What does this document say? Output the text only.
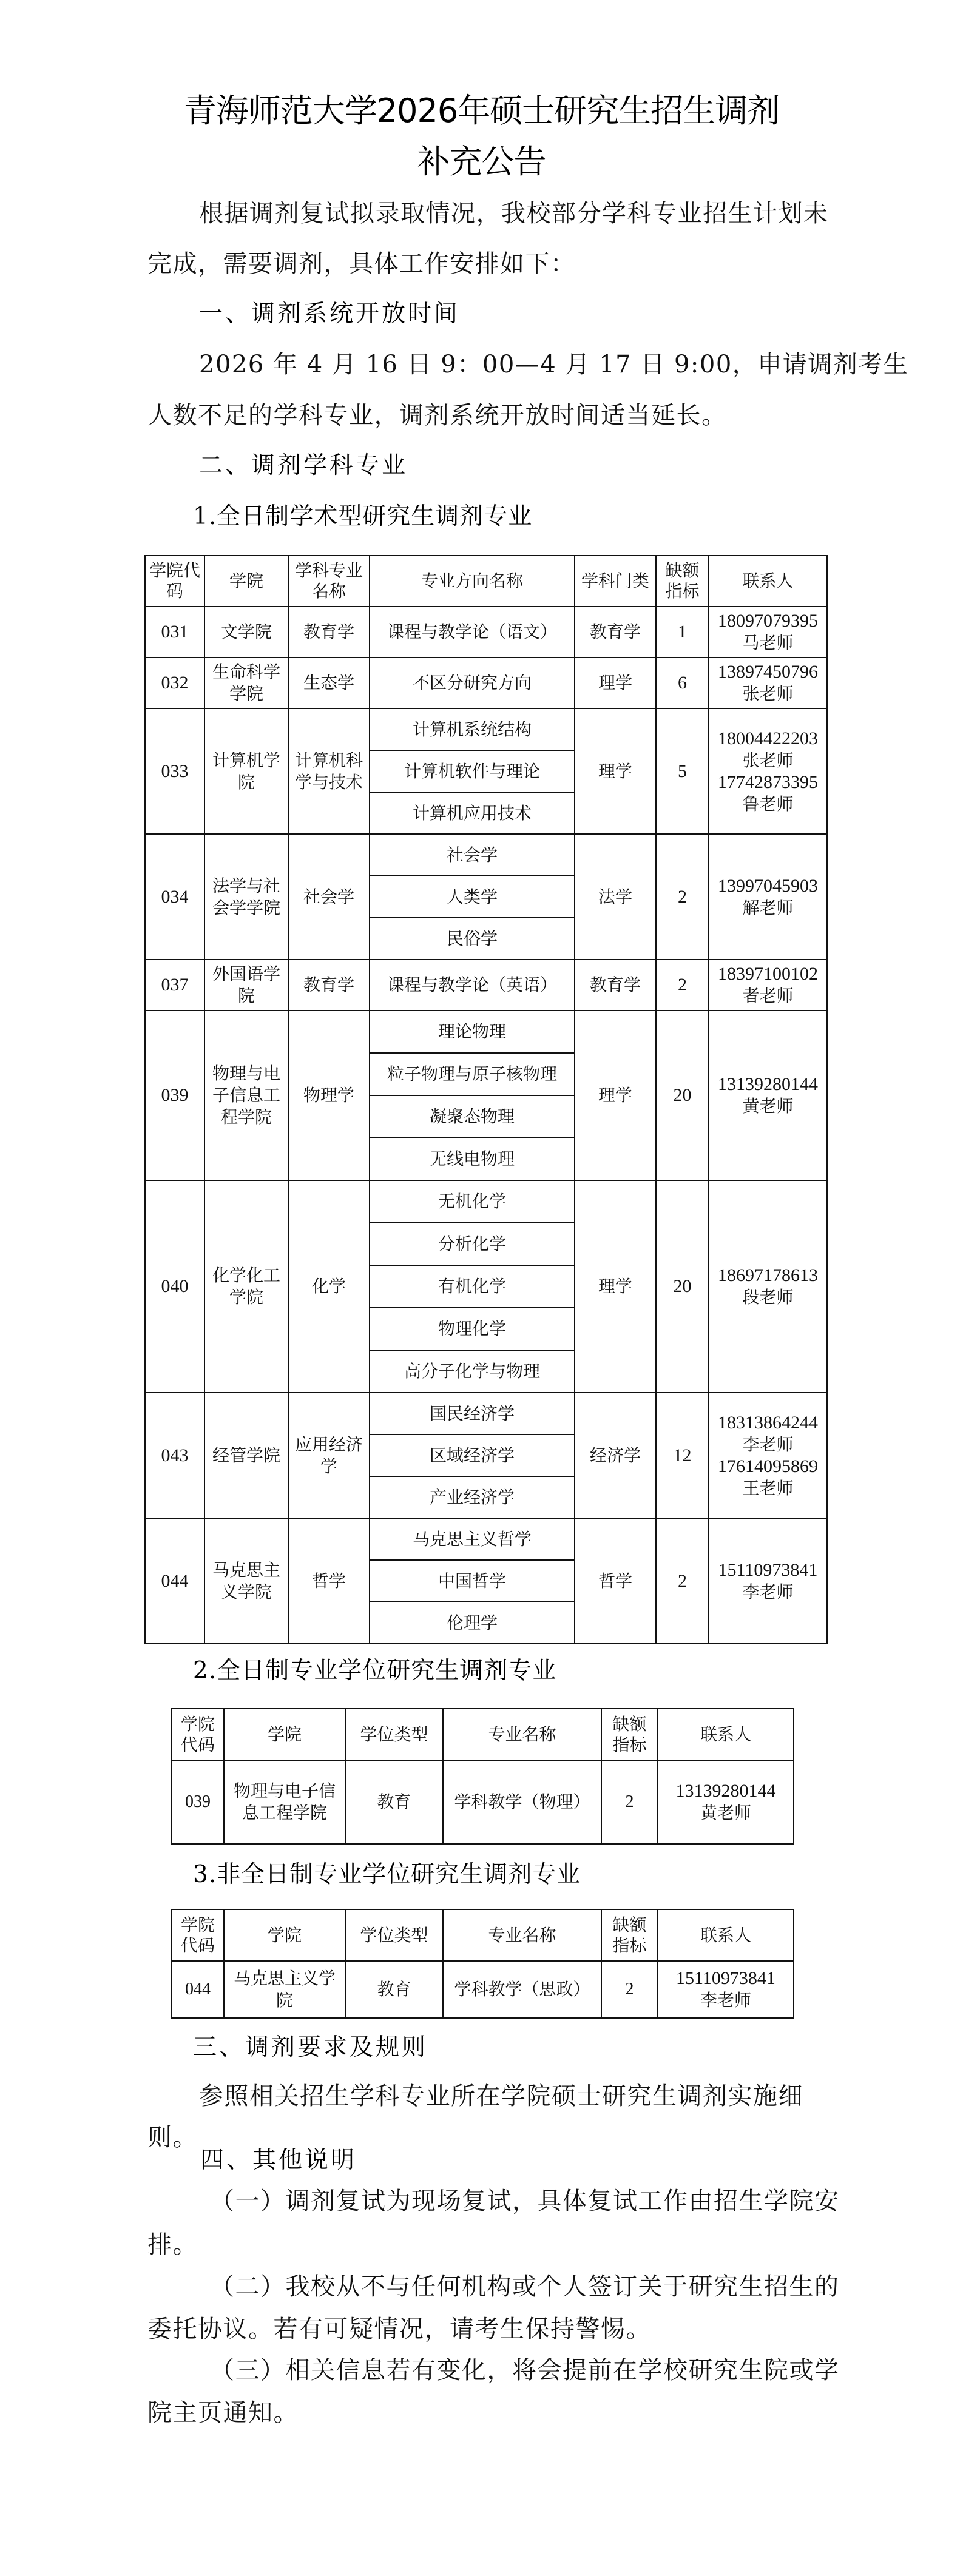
青海师范大学2026年硕士研究生招生调剂
补充公告
根据调剂复试拟录取情况，我校部分学科专业招生计划未
完成，需要调剂，具体工作安排如下：
一、调剂系统开放时间
2026 年 4 月 16 日 9：00—4 月 17 日 9:00，申请调剂考生
人数不足的学科专业，调剂系统开放时间适当延长。
二、调剂学科专业
1.全日制学术型研究生调剂专业
学院代码	学院	学科专业名称	专业方向名称	学科门类	缺额指标	联系人
031	文学院	教育学	课程与教学论（语文）	教育学	1	18097079395
马老师

032	生命科学学院	生态学	不区分研究方向	理学	6	13897450796
张老师

033	计算机学院	计算机科学与技术	计算机系统结构	理学	5	18004422203
张老师
17742873395
鲁老师

			计算机软件与理论			
			计算机应用技术			
034	法学与社会学学院	社会学	社会学	法学	2	13997045903
解老师

			人类学			
			民俗学			
037	外国语学院	教育学	课程与教学论（英语）	教育学	2	18397100102
者老师

039	物理与电子信息工程学院	物理学	理论物理	理学	20	13139280144
黄老师

			粒子物理与原子核物理			
			凝聚态物理			
			无线电物理			
040	化学化工学院	化学	无机化学	理学	20	18697178613
段老师

			分析化学			
			有机化学			
			物理化学			
			高分子化学与物理			
043	经管学院	应用经济学	国民经济学	经济学	12	18313864244
李老师
17614095869
王老师

			区域经济学			
			产业经济学			
044	马克思主义学院	哲学	马克思主义哲学	哲学	2	15110973841
李老师

			中国哲学			
			伦理学			
2.全日制专业学位研究生调剂专业
学院代码	学院	学位类型	专业名称	缺额指标	联系人
039	物理与电子信息工程学院	教育	学科教学（物理）	2	13139280144
黄老师
3.非全日制专业学位研究生调剂专业
学院代码	学院	学位类型	专业名称	缺额指标	联系人
044	马克思主义学院	教育	学科教学（思政）	2	15110973841
李老师
三、调剂要求及规则
参照相关招生学科专业所在学院硕士研究生调剂实施细
则。
四、其他说明
（一）调剂复试为现场复试，具体复试工作由招生学院安
排。
（二）我校从不与任何机构或个人签订关于研究生招生的
委托协议。若有可疑情况，请考生保持警惕。
（三）相关信息若有变化，将会提前在学校研究生院或学
院主页通知。
